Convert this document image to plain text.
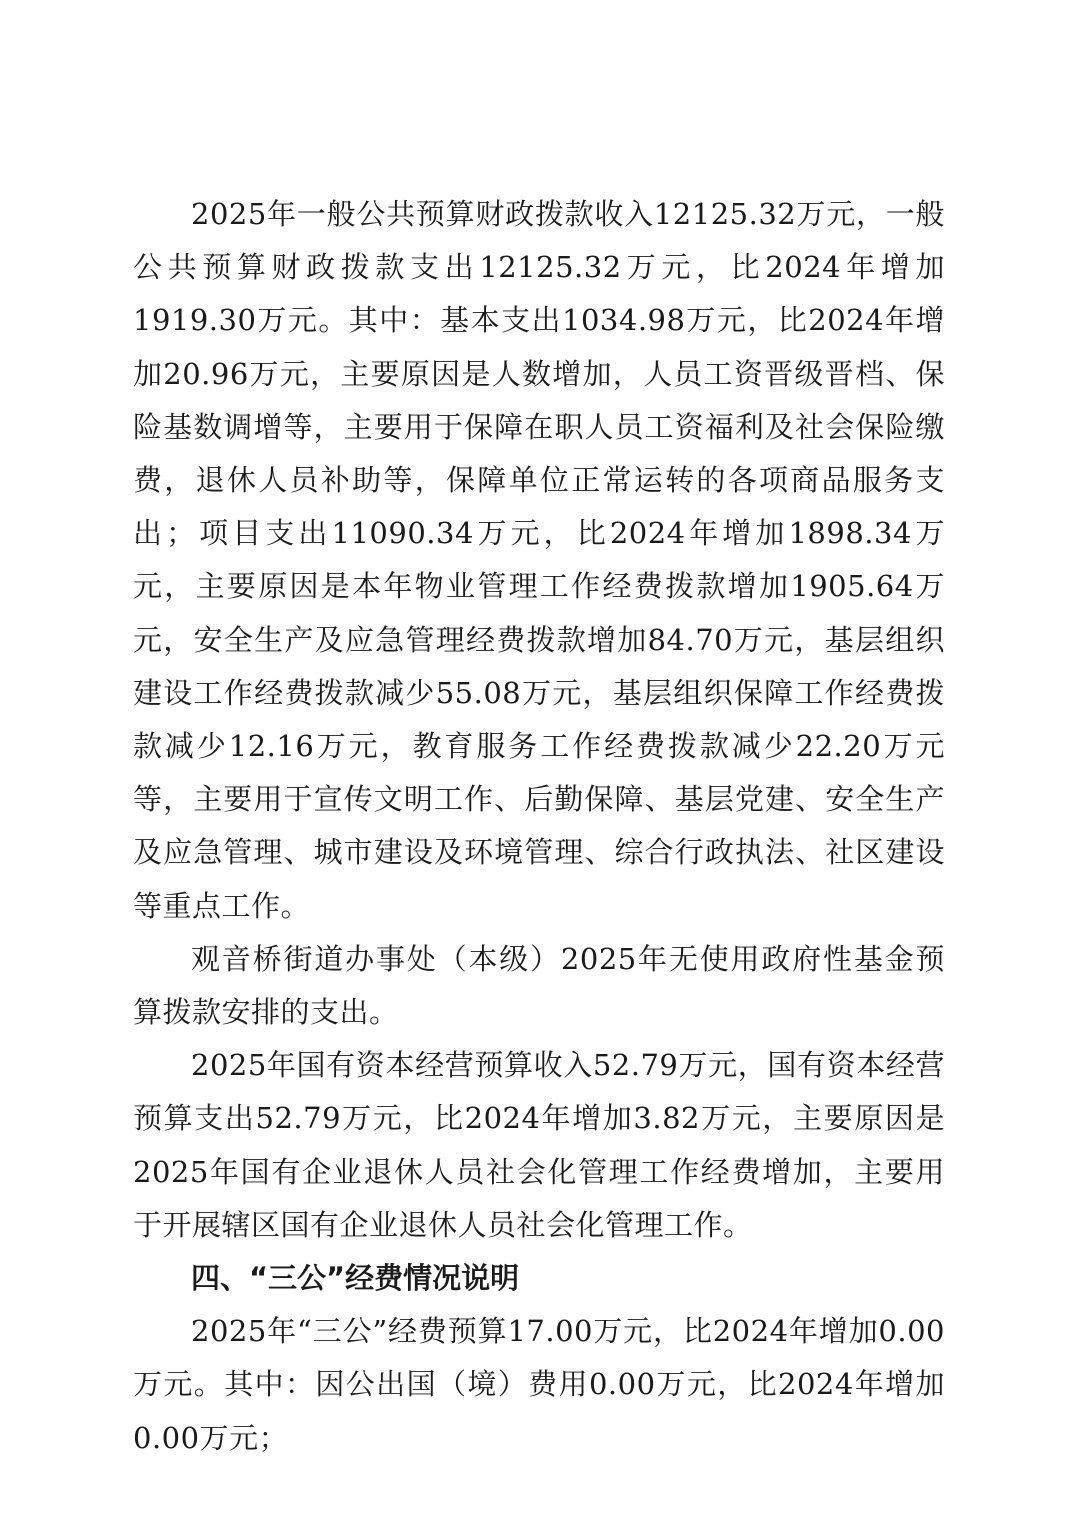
2025年一般公共预算财政拨款收入12125.32万元，一般公共预算财政拨款支出12125.32万元，比2024年增加1919.30万元。其中：基本支出1034.98万元，比2024年增加20.96万元，主要原因是人数增加，人员工资晋级晋档、保险基数调增等，主要用于保障在职人员工资福利及社会保险缴费，退休人员补助等，保障单位正常运转的各项商品服务支出；项目支出11090.34万元，比2024年增加1898.34万元，主要原因是本年物业管理工作经费拨款增加1905.64万元，安全生产及应急管理经费拨款增加84.70万元，基层组织建设工作经费拨款减少55.08万元，基层组织保障工作经费拨款减少12.16万元，教育服务工作经费拨款减少22.20万元等，主要用于宣传文明工作、后勤保障、基层党建、安全生产及应急管理、城市建设及环境管理、综合行政执法、社区建设等重点工作。

观音桥街道办事处（本级）2025年无使用政府性基金预算拨款安排的支出。

2025年国有资本经营预算收入52.79万元，国有资本经营预算支出52.79万元，比2024年增加3.82万元，主要原因是2025年国有企业退休人员社会化管理工作经费增加，主要用于开展辖区国有企业退休人员社会化管理工作。

四、“三公”经费情况说明

2025年“三公”经费预算17.00万元，比2024年增加0.00万元。其中：因公出国（境）费用0.00万元，比2024年增加0.00万元；
